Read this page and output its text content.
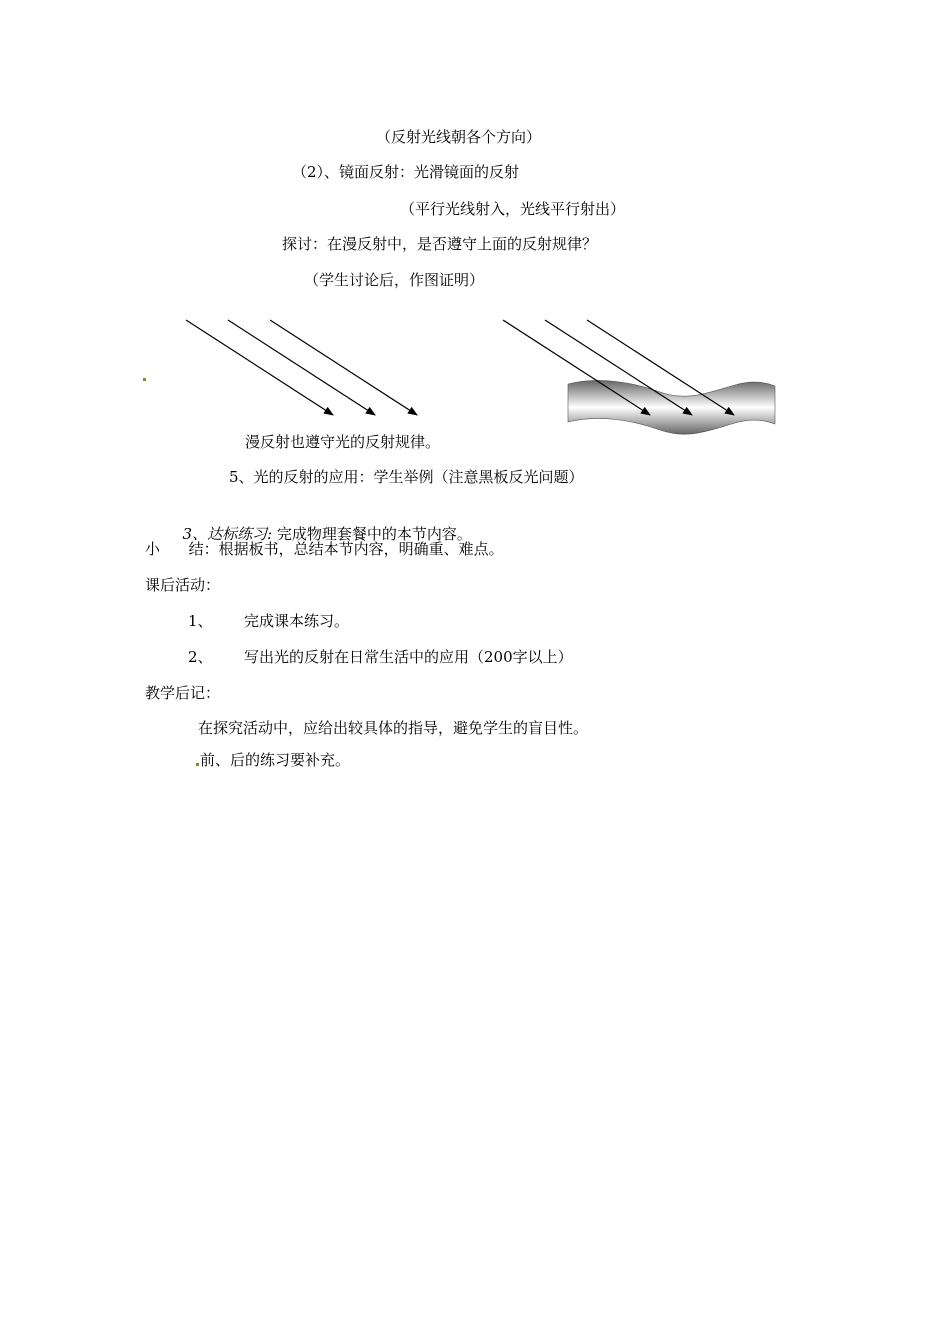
（反射光线朝各个方向）
（2）、镜面反射：光滑镜面的反射
（平行光线射入，光线平行射出）
探讨：在漫反射中，是否遵守上面的反射规律？
（学生讨论后，作图证明）
漫反射也遵守光的反射规律。
5、光的反射的应用：学生举例（注意黑板反光问题）

3、达标练习: 完成物理套餐中的本节内容。

小      结：根据板书，总结本节内容，明确重、难点。
课后活动：
1、 完成课本练习。
2、 写出光的反射在日常生活中的应用（200字以上）
教学后记：
在探究活动中，应给出较具体的指导，避免学生的盲目性。
前、后的练习要补充。
